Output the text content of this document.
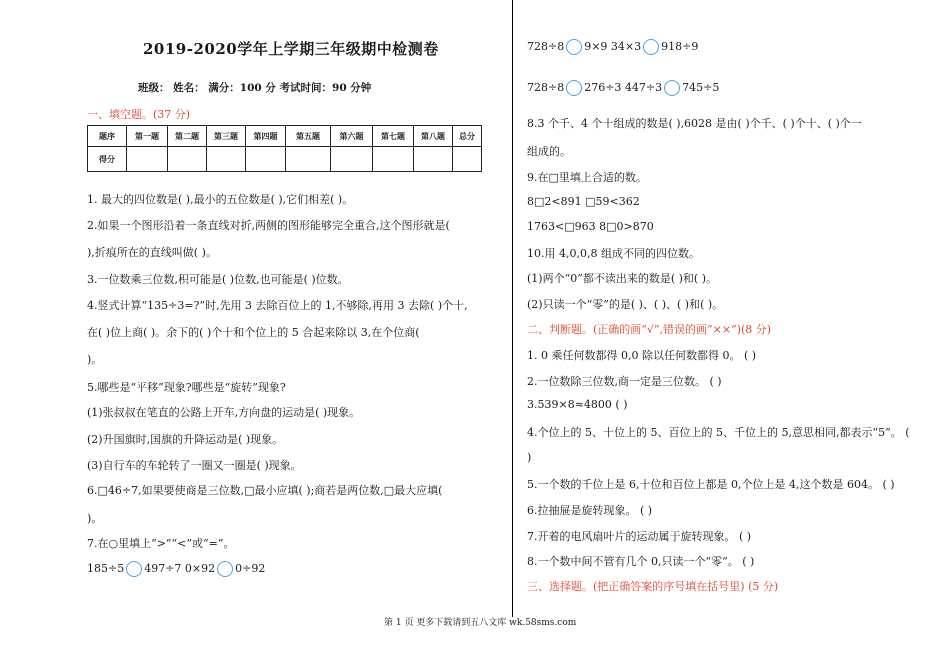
2019-2020学年上学期三年级期中检测卷
班级： 姓名： 满分：100 分 考试时间：90 分钟
一、填空题。(37 分)
题序	第一题	第二题	第三题	第四题	第五题	第六题	第七题	第八题	总分
得分									
1. 最大的四位数是( ),最小的五位数是( ),它们相差( )。
2.如果一个图形沿着一条直线对折,两侧的图形能够完全重合,这个图形就是(
),折痕所在的直线叫做( )。
3.一位数乘三位数,积可能是( )位数,也可能是( )位数。
4.竖式计算“135÷3=?”时,先用 3 去除百位上的 1,不够除,再用 3 去除( )个十,
在( )位上商( )。余下的( )个十和个位上的 5 合起来除以 3,在个位商(
)。
5.哪些是“平移”现象?哪些是“旋转”现象?
(1)张叔叔在笔直的公路上开车,方向盘的运动是( )现象。
(2)升国旗时,国旗的升降运动是( )现象。
(3)自行车的车轮转了一圈又一圈是( )现象。
6.□46÷7,如果要使商是三位数,□最小应填( );商若是两位数,□最大应填(
)。
7.在○里填上“>”“<”或“=”。
185÷5 497÷7 0×92 0÷92
728÷8 9×9 34×3 918÷9
728÷8 276÷3 447÷3 745÷5
8.3 个千、4 个十组成的数是( ),6028 是由( )个千、( )个十、( )个一
组成的。
9.在□里填上合适的数。
8□2<891 □59<362
1763<□963 8□0>870
10.用 4,0,0,8 组成不同的四位数。
(1)两个“0”都不读出来的数是( )和( )。
(2)只读一个“零”的是( )、( )、( )和( )。
二、判断题。(正确的画“√”,错误的画“××”)(8 分)
1. 0 乘任何数都得 0,0 除以任何数都得 0。 ( )
2.一位数除三位数,商一定是三位数。 ( )
3.539×8≈4800 ( )
4.个位上的 5、十位上的 5、百位上的 5、千位上的 5,意思相同,都表示“5”。 (
)
5.一个数的千位上是 6,十位和百位上都是 0,个位上是 4,这个数是 604。 ( )
6.拉抽屉是旋转现象。 ( )
7.开着的电风扇叶片的运动属于旋转现象。 ( )
8.一个数中间不管有几个 0,只读一个“零”。 ( )
三、选择题。(把正确答案的序号填在括号里) (5 分)
第 1 页 更多下载请到五八文库 wk.58sms.com
